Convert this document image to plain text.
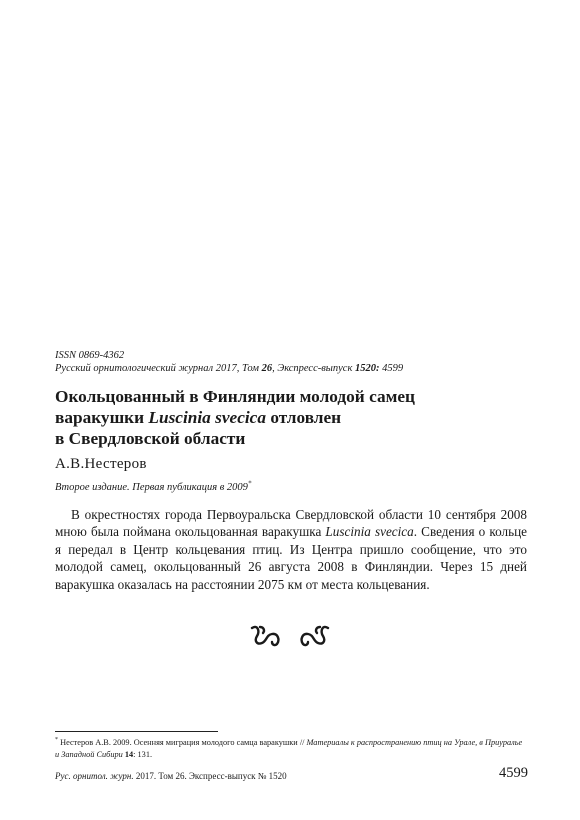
ISSN 0869-4362
Русский орнитологический журнал 2017, Том 26, Экспресс-выпуск 1520: 4599
Окольцованный в Финляндии молодой самец
варакушки Luscinia svecica отловлен
в Свердловской области
А.В.Нестеров
Второе издание. Первая публикация в 2009*

В окрестностях города Первоуральска Свердловской области 10 сентября 2008 мною была поймана окольцованная варакушка Luscinia svecica. Сведения о кольце я передал в Центр кольцевания птиц. Из Центра пришло сообщение, что это молодой самец, окольцованный 26 августа 2008 в Финляндии. Через 15 дней варакушка оказалась на расстоянии 2075 км от места кольцевания.

* Нестеров А.В. 2009. Осенняя миграция молодого самца варакушки // Материалы к распространению птиц на Урале, в Приуралье и Западной Сибири 14: 131.

Рус. орнитол. журн. 2017. Том 26. Экспресс-выпуск № 1520	4599
